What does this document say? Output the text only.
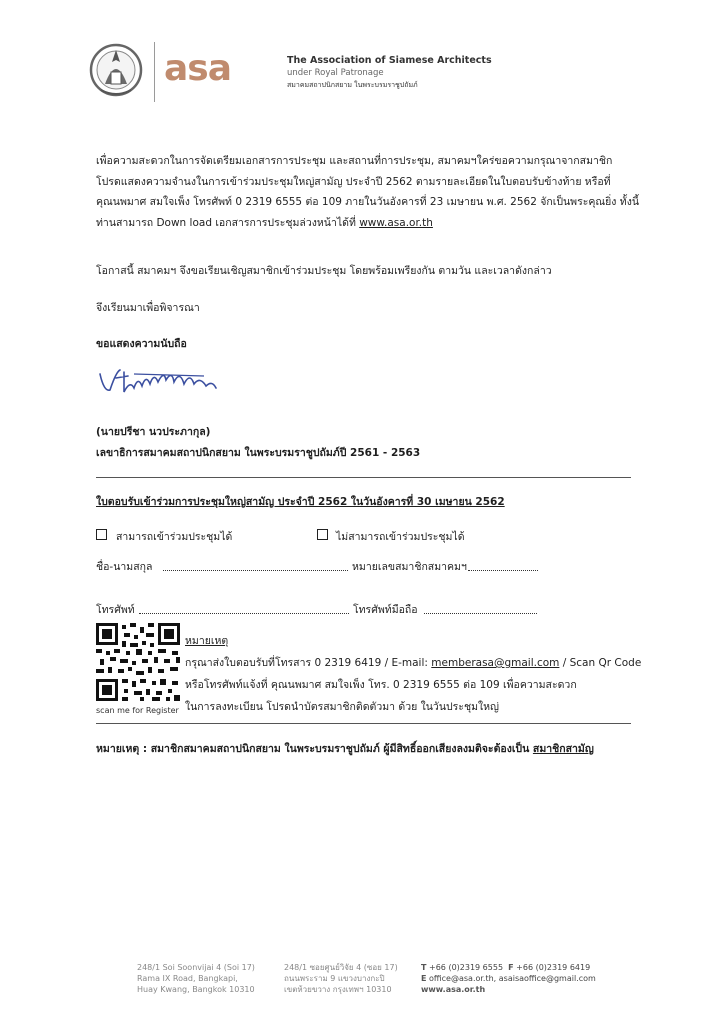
asa	The Association of Siamese Architects
under Royal Patronage
สมาคมสถาปนิกสยาม ในพระบรมราชูปถัมภ์
เพื่อความสะดวกในการจัดเตรียมเอกสารการประชุม และสถานที่การประชุม, สมาคมฯใคร่ขอความกรุณาจากสมาชิก
โปรดแสดงความจำนงในการเข้าร่วมประชุมใหญ่สามัญ ประจำปี 2562 ตามรายละเอียดในใบตอบรับข้างท้าย หรือที่
คุณนพมาศ สมใจเพ็ง โทรศัพท์ 0 2319 6555 ต่อ 109 ภายในวันอังคารที่ 23 เมษายน พ.ศ. 2562 จักเป็นพระคุณยิ่ง ทั้งนี้
ท่านสามารถ Down load เอกสารการประชุมล่วงหน้าได้ที่ www.asa.or.th
โอกาสนี้ สมาคมฯ จึงขอเรียนเชิญสมาชิกเข้าร่วมประชุม โดยพร้อมเพรียงกัน ตามวัน และเวลาดังกล่าว
จึงเรียนมาเพื่อพิจารณา
ขอแสดงความนับถือ
(นายปรีชา นวประภากุล)
เลขาธิการสมาคมสถาปนิกสยาม ในพระบรมราชูปถัมภ์ปี 2561 - 2563
ใบตอบรับเข้าร่วมการประชุมใหญ่สามัญ ประจำปี 2562 ในวันอังคารที่ 30 เมษายน 2562
สามารถเข้าร่วมประชุมได้	ไม่สามารถเข้าร่วมประชุมได้
ชื่อ-นามสกุล	หมายเลขสมาชิกสมาคมฯ
โทรศัพท์	โทรศัพท์มือถือ
scan me for Register
หมายเหตุ
กรุณาส่งใบตอบรับที่โทรสาร 0 2319 6419 / E-mail: memberasa@gmail.com / Scan Qr Code
หรือโทรศัพท์แจ้งที่ คุณนพมาศ สมใจเพ็ง โทร. 0 2319 6555 ต่อ 109 เพื่อความสะดวก
ในการลงทะเบียน โปรดนำบัตรสมาชิกติดตัวมา ด้วย ในวันประชุมใหญ่
หมายเหตุ : สมาชิกสมาคมสถาปนิกสยาม ในพระบรมราชูปถัมภ์ ผู้มีสิทธิ์ออกเสียงลงมติจะต้องเป็น สมาชิกสามัญ
248/1 Soi Soonvijai 4 (Soi 17)
Rama IX Road, Bangkapi,
Huay Kwang, Bangkok 10310
248/1 ซอยศูนย์วิจัย 4 (ซอย 17)
ถนนพระราม 9 แขวงบางกะปิ
เขตห้วยขวาง กรุงเทพฯ 10310
T +66 (0)2319 6555 F +66 (0)2319 6419
E office@asa.or.th, asaisaoffice@gmail.com
www.asa.or.th
